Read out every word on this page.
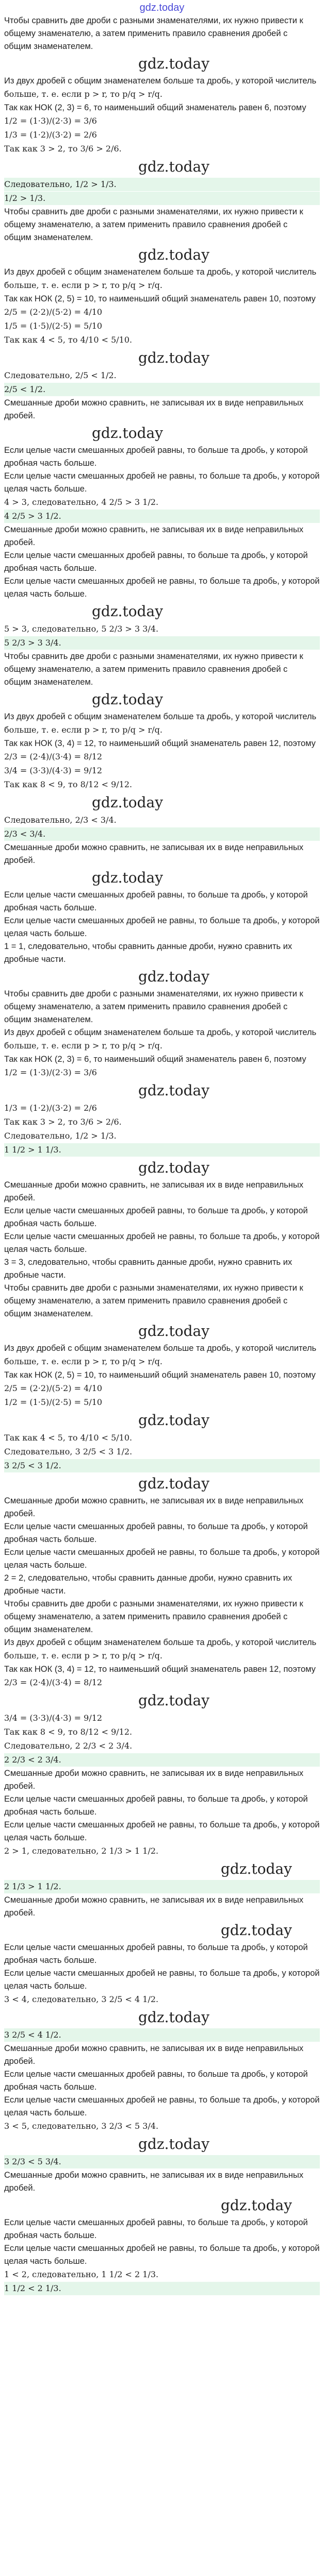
gdz.today
Чтобы сравнить две дроби с разными знаменателями, их нужно привести к
общему знаменателю, а затем применить правило сравнения дробей с
общим знаменателем.
gdz.today
Из двух дробей с общим знаменателем больше та дробь, у которой числитель
больше, т. е. если p > r, то p/q > r/q.
Так как НОК (2, 3) = 6, то наименьший общий знаменатель равен 6, поэтому
1/2 = (1·3)/(2·3) = 3/6
1/3 = (1·2)/(3·2) = 2/6
Так как 3 > 2, то 3/6 > 2/6.
gdz.today
Следовательно, 1/2 > 1/3.
1/2 > 1/3.
Чтобы сравнить две дроби с разными знаменателями, их нужно привести к
общему знаменателю, а затем применить правило сравнения дробей с
общим знаменателем.
gdz.today
Из двух дробей с общим знаменателем больше та дробь, у которой числитель
больше, т. е. если p > r, то p/q > r/q.
Так как НОК (2, 5) = 10, то наименьший общий знаменатель равен 10, поэтому
2/5 = (2·2)/(5·2) = 4/10
1/5 = (1·5)/(2·5) = 5/10
Так как 4 < 5, то 4/10 < 5/10.
gdz.today
Следовательно, 2/5 < 1/2.
2/5 < 1/2.
Смешанные дроби можно сравнить, не записывая их в виде неправильных
дробей.
gdz.today
Если целые части смешанных дробей равны, то больше та дробь, у которой
дробная часть больше.
Если целые части смешанных дробей не равны, то больше та дробь, у которой
целая часть больше.
4 > 3, следовательно, 4 2/5 > 3 1/2.
4 2/5 > 3 1/2.
Смешанные дроби можно сравнить, не записывая их в виде неправильных
дробей.
Если целые части смешанных дробей равны, то больше та дробь, у которой
дробная часть больше.
Если целые части смешанных дробей не равны, то больше та дробь, у которой
целая часть больше.
gdz.today
5 > 3, следовательно, 5 2/3 > 3 3/4.
5 2/3 > 3 3/4.
Чтобы сравнить две дроби с разными знаменателями, их нужно привести к
общему знаменателю, а затем применить правило сравнения дробей с
общим знаменателем.
gdz.today
Из двух дробей с общим знаменателем больше та дробь, у которой числитель
больше, т. е. если p > r, то p/q > r/q.
Так как НОК (3, 4) = 12, то наименьший общий знаменатель равен 12, поэтому
2/3 = (2·4)/(3·4) = 8/12
3/4 = (3·3)/(4·3) = 9/12
Так как 8 < 9, то 8/12 < 9/12.
gdz.today
Следовательно, 2/3 < 3/4.
2/3 < 3/4.
Смешанные дроби можно сравнить, не записывая их в виде неправильных
дробей.
gdz.today
Если целые части смешанных дробей равны, то больше та дробь, у которой
дробная часть больше.
Если целые части смешанных дробей не равны, то больше та дробь, у которой
целая часть больше.
1 = 1, следовательно, чтобы сравнить данные дроби, нужно сравнить их
дробные части.
gdz.today
Чтобы сравнить две дроби с разными знаменателями, их нужно привести к
общему знаменателю, а затем применить правило сравнения дробей с
общим знаменателем.
Из двух дробей с общим знаменателем больше та дробь, у которой числитель
больше, т. е. если p > r, то p/q > r/q.
Так как НОК (2, 3) = 6, то наименьший общий знаменатель равен 6, поэтому
1/2 = (1·3)/(2·3) = 3/6
gdz.today
1/3 = (1·2)/(3·2) = 2/6
Так как 3 > 2, то 3/6 > 2/6.
Следовательно, 1/2 > 1/3.
1 1/2 > 1 1/3.
gdz.today
Смешанные дроби можно сравнить, не записывая их в виде неправильных
дробей.
Если целые части смешанных дробей равны, то больше та дробь, у которой
дробная часть больше.
Если целые части смешанных дробей не равны, то больше та дробь, у которой
целая часть больше.
3 = 3, следовательно, чтобы сравнить данные дроби, нужно сравнить их
дробные части.
Чтобы сравнить две дроби с разными знаменателями, их нужно привести к
общему знаменателю, а затем применить правило сравнения дробей с
общим знаменателем.
gdz.today
Из двух дробей с общим знаменателем больше та дробь, у которой числитель
больше, т. е. если p > r, то p/q > r/q.
Так как НОК (2, 5) = 10, то наименьший общий знаменатель равен 10, поэтому
2/5 = (2·2)/(5·2) = 4/10
1/2 = (1·5)/(2·5) = 5/10
gdz.today
Так как 4 < 5, то 4/10 < 5/10.
Следовательно, 3 2/5 < 3 1/2.
3 2/5 < 3 1/2.
gdz.today
Смешанные дроби можно сравнить, не записывая их в виде неправильных
дробей.
Если целые части смешанных дробей равны, то больше та дробь, у которой
дробная часть больше.
Если целые части смешанных дробей не равны, то больше та дробь, у которой
целая часть больше.
2 = 2, следовательно, чтобы сравнить данные дроби, нужно сравнить их
дробные части.
Чтобы сравнить две дроби с разными знаменателями, их нужно привести к
общему знаменателю, а затем применить правило сравнения дробей с
общим знаменателем.
Из двух дробей с общим знаменателем больше та дробь, у которой числитель
больше, т. е. если p > r, то p/q > r/q.
Так как НОК (3, 4) = 12, то наименьший общий знаменатель равен 12, поэтому
2/3 = (2·4)/(3·4) = 8/12
gdz.today
3/4 = (3·3)/(4·3) = 9/12
Так как 8 < 9, то 8/12 < 9/12.
Следовательно, 2 2/3 < 2 3/4.
2 2/3 < 2 3/4.
Смешанные дроби можно сравнить, не записывая их в виде неправильных
дробей.
Если целые части смешанных дробей равны, то больше та дробь, у которой
дробная часть больше.
Если целые части смешанных дробей не равны, то больше та дробь, у которой
целая часть больше.
2 > 1, следовательно, 2 1/3 > 1 1/2.
gdz.today
2 1/3 > 1 1/2.
Смешанные дроби можно сравнить, не записывая их в виде неправильных
дробей.
gdz.today
Если целые части смешанных дробей равны, то больше та дробь, у которой
дробная часть больше.
Если целые части смешанных дробей не равны, то больше та дробь, у которой
целая часть больше.
3 < 4, следовательно, 3 2/5 < 4 1/2.
gdz.today
3 2/5 < 4 1/2.
Смешанные дроби можно сравнить, не записывая их в виде неправильных
дробей.
Если целые части смешанных дробей равны, то больше та дробь, у которой
дробная часть больше.
Если целые части смешанных дробей не равны, то больше та дробь, у которой
целая часть больше.
3 < 5, следовательно, 3 2/3 < 5 3/4.
gdz.today
3 2/3 < 5 3/4.
Смешанные дроби можно сравнить, не записывая их в виде неправильных
дробей.
gdz.today
Если целые части смешанных дробей равны, то больше та дробь, у которой
дробная часть больше.
Если целые части смешанных дробей не равны, то больше та дробь, у которой
целая часть больше.
1 < 2, следовательно, 1 1/2 < 2 1/3.
1 1/2 < 2 1/3.
